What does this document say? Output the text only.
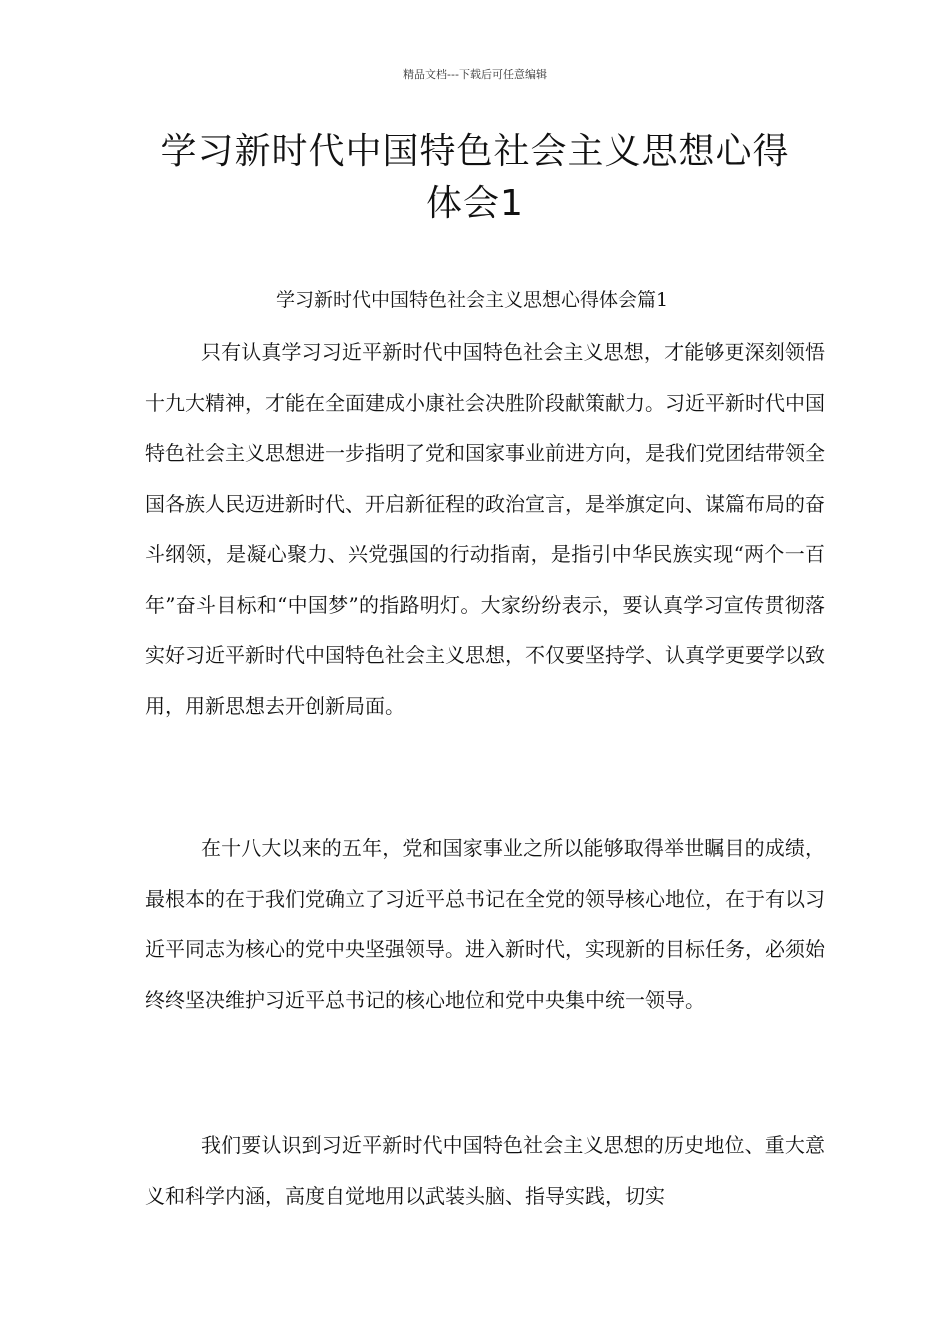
精品文档---下载后可任意编辑
学习新时代中国特色社会主义思想心得
体会1
学习新时代中国特色社会主义思想心得体会篇1

只有认真学习习近平新时代中国特色社会主义思想，才能够更深刻领悟十九大精神，才能在全面建成小康社会决胜阶段献策献力。习近平新时代中国特色社会主义思想进一步指明了党和国家事业前进方向，是我们党团结带领全国各族人民迈进新时代、开启新征程的政治宣言，是举旗定向、谋篇布局的奋斗纲领，是凝心聚力、兴党强国的行动指南，是指引中华民族实现“两个一百年”奋斗目标和“中国梦”的指路明灯。大家纷纷表示，要认真学习宣传贯彻落实好习近平新时代中国特色社会主义思想，不仅要坚持学、认真学更要学以致用，用新思想去开创新局面。

在十八大以来的五年，党和国家事业之所以能够取得举世瞩目的成绩，最根本的在于我们党确立了习近平总书记在全党的领导核心地位，在于有以习近平同志为核心的党中央坚强领导。进入新时代，实现新的目标任务，必须始终终坚决维护习近平总书记的核心地位和党中央集中统一领导。

我们要认识到习近平新时代中国特色社会主义思想的历史地位、重大意义和科学内涵，高度自觉地用以武装头脑、指导实践，切实
